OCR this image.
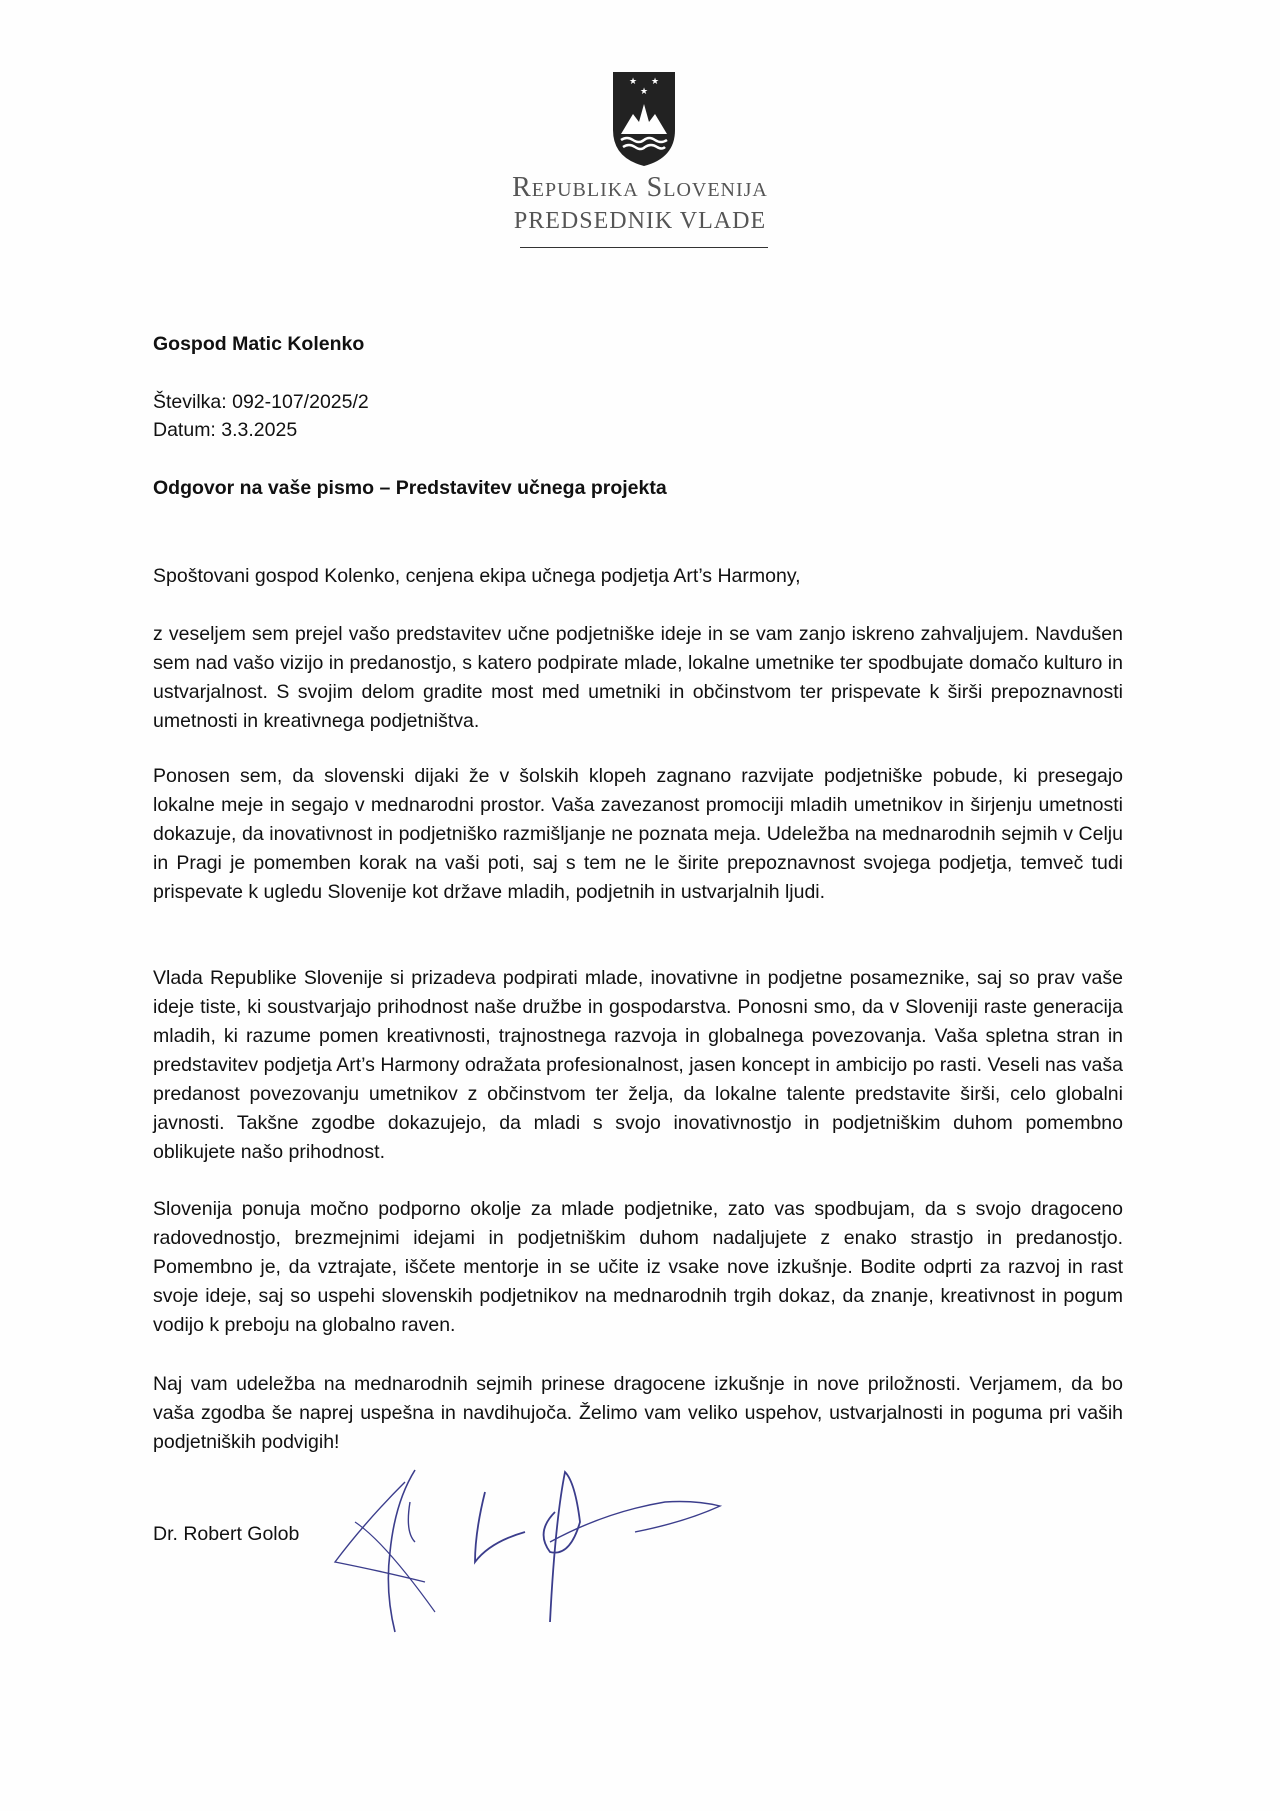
★ ★
★
Republika Slovenija
PREDSEDNIK VLADE
Gospod Matic Kolenko
Številka: 092-107/2025/2
Datum: 3.3.2025
Odgovor na vaše pismo – Predstavitev učnega projekta
Spoštovani gospod Kolenko, cenjena ekipa učnega podjetja Art’s Harmony,
z veseljem sem prejel vašo predstavitev učne podjetniške ideje in se vam zanjo iskreno zahvaljujem. Navdušen sem nad vašo vizijo in predanostjo, s katero podpirate mlade, lokalne umetnike ter spodbujate domačo kulturo in ustvarjalnost. S svojim delom gradite most med umetniki in občinstvom ter prispevate k širši prepoznavnosti umetnosti in kreativnega podjetništva.
Ponosen sem, da slovenski dijaki že v šolskih klopeh zagnano razvijate podjetniške pobude, ki presegajo lokalne meje in segajo v mednarodni prostor. Vaša zavezanost promociji mladih umetnikov in širjenju umetnosti dokazuje, da inovativnost in podjetniško razmišljanje ne poznata meja. Udeležba na mednarodnih sejmih v Celju in Pragi je pomemben korak na vaši poti, saj s tem ne le širite prepoznavnost svojega podjetja, temveč tudi prispevate k ugledu Slovenije kot države mladih, podjetnih in ustvarjalnih ljudi.
Vlada Republike Slovenije si prizadeva podpirati mlade, inovativne in podjetne posameznike, saj so prav vaše ideje tiste, ki soustvarjajo prihodnost naše družbe in gospodarstva. Ponosni smo, da v Sloveniji raste generacija mladih, ki razume pomen kreativnosti, trajnostnega razvoja in globalnega povezovanja. Vaša spletna stran in predstavitev podjetja Art’s Harmony odražata profesionalnost, jasen koncept in ambicijo po rasti. Veseli nas vaša predanost povezovanju umetnikov z občinstvom ter želja, da lokalne talente predstavite širši, celo globalni javnosti. Takšne zgodbe dokazujejo, da mladi s svojo inovativnostjo in podjetniškim duhom pomembno oblikujete našo prihodnost.
Slovenija ponuja močno podporno okolje za mlade podjetnike, zato vas spodbujam, da s svojo dragoceno radovednostjo, brezmejnimi idejami in podjetniškim duhom nadaljujete z enako strastjo in predanostjo. Pomembno je, da vztrajate, iščete mentorje in se učite iz vsake nove izkušnje. Bodite odprti za razvoj in rast svoje ideje, saj so uspehi slovenskih podjetnikov na mednarodnih trgih dokaz, da znanje, kreativnost in pogum vodijo k preboju na globalno raven.
Naj vam udeležba na mednarodnih sejmih prinese dragocene izkušnje in nove priložnosti. Verjamem, da bo vaša zgodba še naprej uspešna in navdihujoča. Želimo vam veliko uspehov, ustvarjalnosti in poguma pri vaših podjetniških podvigih!
Dr. Robert Golob
